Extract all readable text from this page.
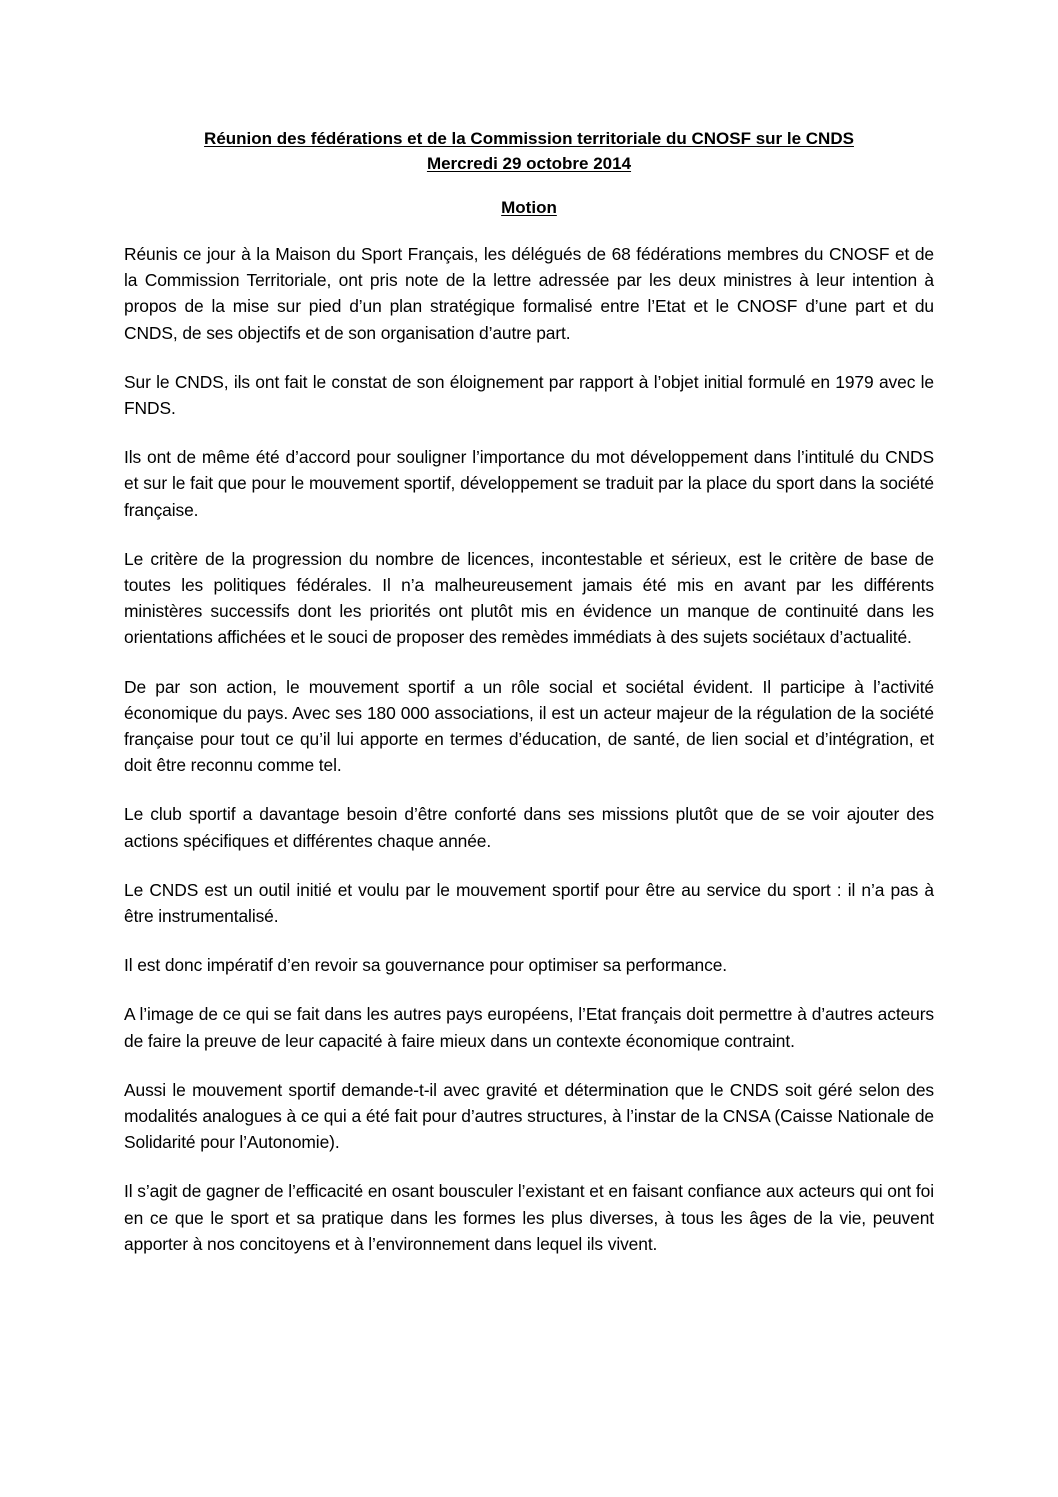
Réunion des fédérations et de la Commission territoriale du CNOSF sur le CNDS
Mercredi 29 octobre 2014
Motion

Réunis ce jour à la Maison du Sport Français, les délégués de 68 fédérations membres du CNOSF et de la Commission Territoriale, ont pris note de la lettre adressée par les deux ministres à leur intention à propos de la mise sur pied d’un plan stratégique formalisé entre l’Etat et le CNOSF d’une part et du CNDS, de ses objectifs et de son organisation d’autre part.

Sur le CNDS, ils ont fait le constat de son éloignement par rapport à l’objet initial formulé en 1979 avec le FNDS.

Ils ont de même été d’accord pour souligner l’importance du mot développement dans l’intitulé du CNDS et sur le fait que pour le mouvement sportif, développement se traduit par la place du sport dans la société française.

Le critère de la progression du nombre de licences, incontestable et sérieux, est le critère de base de toutes les politiques fédérales. Il n’a malheureusement jamais été mis en avant par les différents ministères successifs dont les priorités ont plutôt mis en évidence un manque de continuité dans les orientations affichées et le souci de proposer des remèdes immédiats à des sujets sociétaux d’actualité.

De par son action, le mouvement sportif a un rôle social et sociétal évident. Il participe à l’activité économique du pays. Avec ses 180 000 associations, il est un acteur majeur de la régulation de la société française pour tout ce qu’il lui apporte en termes d’éducation, de santé, de lien social et d’intégration, et doit être reconnu comme tel.

Le club sportif a davantage besoin d’être conforté dans ses missions plutôt que de se voir ajouter des actions spécifiques et différentes chaque année.

Le CNDS est un outil initié et voulu par le mouvement sportif pour être au service du sport : il n’a pas à être instrumentalisé.

Il est donc impératif d’en revoir sa gouvernance pour optimiser sa performance.

A l’image de ce qui se fait dans les autres pays européens, l’Etat français doit permettre à d’autres acteurs de faire la preuve de leur capacité à faire mieux dans un contexte économique contraint.

Aussi le mouvement sportif demande-t-il avec gravité et détermination que le CNDS soit géré selon des modalités analogues à ce qui a été fait pour d’autres structures, à l’instar de la CNSA (Caisse Nationale de Solidarité pour l’Autonomie).

Il s’agit de gagner de l’efficacité en osant bousculer l’existant et en faisant confiance aux acteurs qui ont foi en ce que le sport et sa pratique dans les formes les plus diverses, à tous les âges de la vie, peuvent apporter à nos concitoyens et à l’environnement dans lequel ils vivent.
